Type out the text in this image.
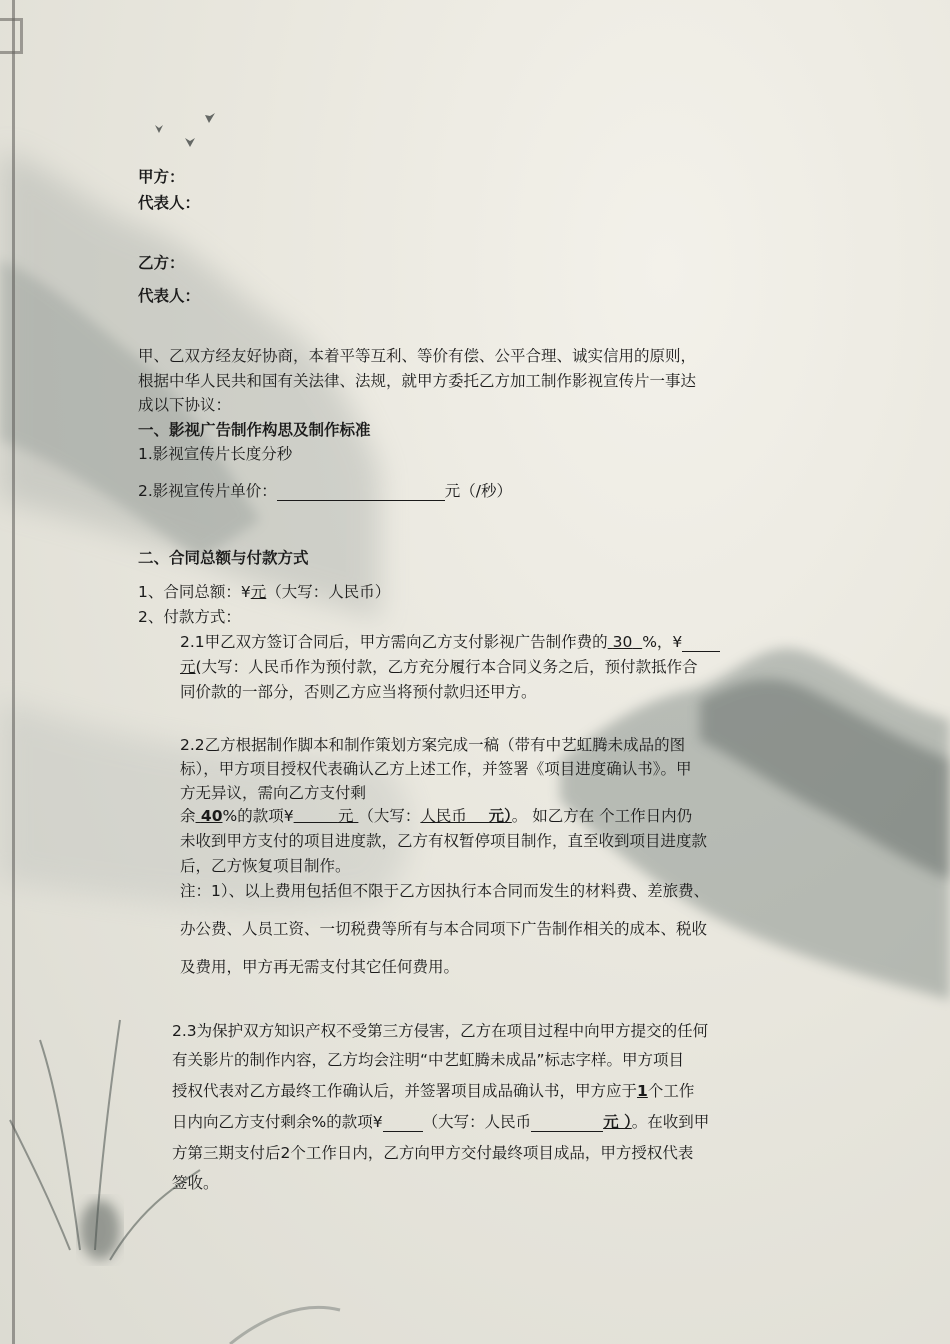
甲方：
代表人：
乙方：
代表人：
甲、乙双方经友好协商，本着平等互利、等价有偿、公平合理、诚实信用的原则，
根据中华人民共和国有关法律、法规，就甲方委托乙方加工制作影视宣传片一事达
成以下协议：
一、影视广告制作构思及制作标准
1.影视宣传片长度分秒
2.影视宣传片单价：	元（/秒）
二、合同总额与付款方式
1、合同总额：¥元（大写：人民币）
2、付款方式：
2.1甲乙双方签订合同后，甲方需向乙方支付影视广告制作费的 30 %，¥
元(大写：人民币作为预付款，乙方充分履行本合同义务之后，预付款抵作合
同价款的一部分，否则乙方应当将预付款归还甲方。
2.2乙方根据制作脚本和制作策划方案完成一稿（带有中艺虹腾未成品的图
标），甲方项目授权代表确认乙方上述工作，并签署《项目进度确认书》。甲
方无异议，需向乙方支付剩
余 40%的款项¥	元 （大写：人民币 元）。 如乙方在 个工作日内仍
未收到甲方支付的项目进度款，乙方有权暂停项目制作，直至收到项目进度款
后，乙方恢复项目制作。
注：1）、以上费用包括但不限于乙方因执行本合同而发生的材料费、差旅费、
办公费、人员工资、一切税费等所有与本合同项下广告制作相关的成本、税收
及费用，甲方再无需支付其它任何费用。
2.3为保护双方知识产权不受第三方侵害，乙方在项目过程中向甲方提交的任何
有关影片的制作内容，乙方均会注明“中艺虹腾未成品”标志字样。甲方项目
授权代表对乙方最终工作确认后，并签署项目成品确认书，甲方应于1个工作
日内向乙方支付剩余%的款项¥	（大写：人民币	元 ）。在收到甲
方第三期支付后2个工作日内，乙方向甲方交付最终项目成品，甲方授权代表
签收。
